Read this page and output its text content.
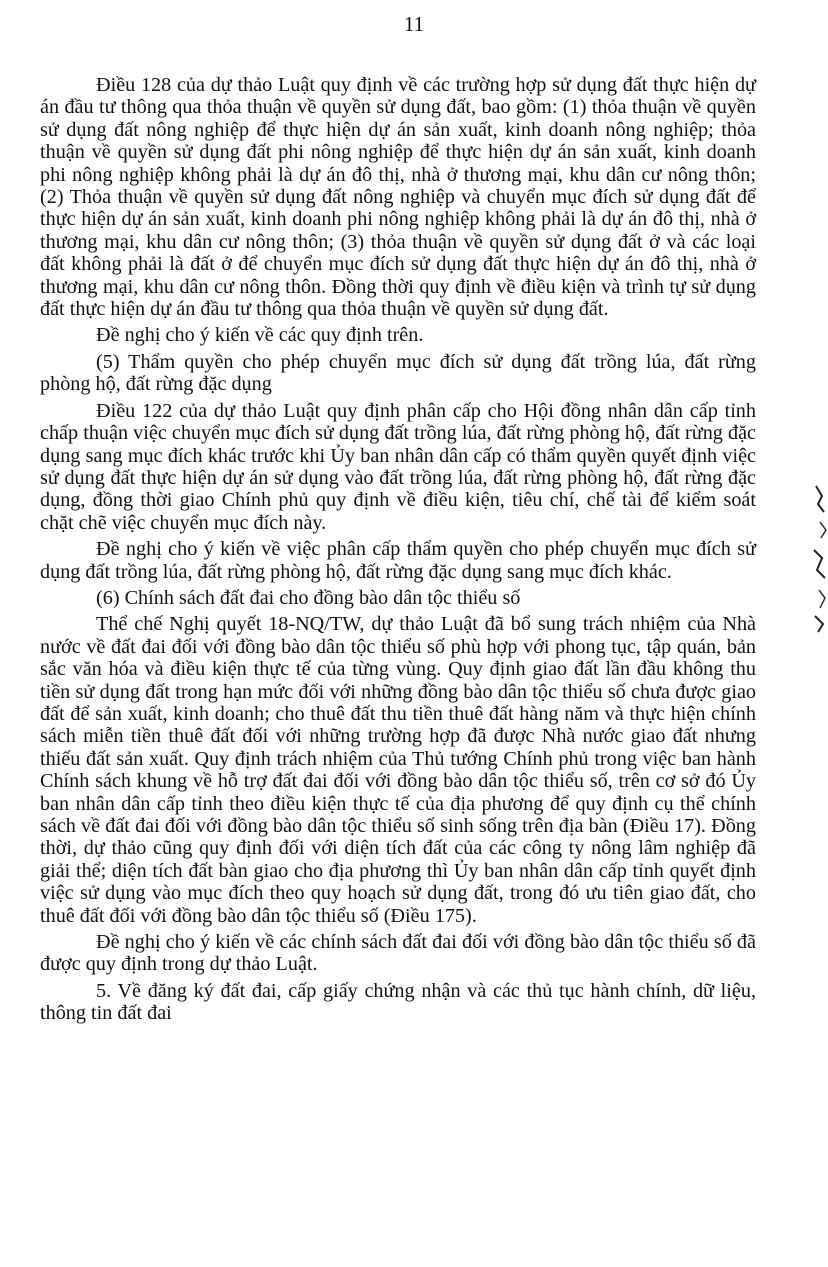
11

Điều 128 của dự thảo Luật quy định về các trường hợp sử dụng đất thực hiện dự án đầu tư thông qua thỏa thuận về quyền sử dụng đất, bao gồm: (1) thỏa thuận về quyền sử dụng đất nông nghiệp để thực hiện dự án sản xuất, kinh doanh nông nghiệp; thỏa thuận về quyền sử dụng đất phi nông nghiệp để thực hiện dự án sản xuất, kinh doanh phi nông nghiệp không phải là dự án đô thị, nhà ở thương mại, khu dân cư nông thôn; (2) Thỏa thuận về quyền sử dụng đất nông nghiệp và chuyển mục đích sử dụng đất để thực hiện dự án sản xuất, kinh doanh phi nông nghiệp không phải là dự án đô thị, nhà ở thương mại, khu dân cư nông thôn; (3) thỏa thuận về quyền sử dụng đất ở và các loại đất không phải là đất ở để chuyển mục đích sử dụng đất thực hiện dự án đô thị, nhà ở thương mại, khu dân cư nông thôn. Đồng thời quy định về điều kiện và trình tự sử dụng đất thực hiện dự án đầu tư thông qua thỏa thuận về quyền sử dụng đất.

Đề nghị cho ý kiến về các quy định trên.

(5) Thẩm quyền cho phép chuyển mục đích sử dụng đất trồng lúa, đất rừng phòng hộ, đất rừng đặc dụng

Điều 122 của dự thảo Luật quy định phân cấp cho Hội đồng nhân dân cấp tỉnh chấp thuận việc chuyển mục đích sử dụng đất trồng lúa, đất rừng phòng hộ, đất rừng đặc dụng sang mục đích khác trước khi Ủy ban nhân dân cấp có thẩm quyền quyết định việc sử dụng đất thực hiện dự án sử dụng vào đất trồng lúa, đất rừng phòng hộ, đất rừng đặc dụng, đồng thời giao Chính phủ quy định về điều kiện, tiêu chí, chế tài để kiểm soát chặt chẽ việc chuyển mục đích này.

Đề nghị cho ý kiến về việc phân cấp thẩm quyền cho phép chuyển mục đích sử dụng đất trồng lúa, đất rừng phòng hộ, đất rừng đặc dụng sang mục đích khác.

(6) Chính sách đất đai cho đồng bào dân tộc thiểu số

Thể chế Nghị quyết 18-NQ/TW, dự thảo Luật đã bổ sung trách nhiệm của Nhà nước về đất đai đối với đồng bào dân tộc thiểu số phù hợp với phong tục, tập quán, bản sắc văn hóa và điều kiện thực tế của từng vùng. Quy định giao đất lần đầu không thu tiền sử dụng đất trong hạn mức đối với những đồng bào dân tộc thiểu số chưa được giao đất để sản xuất, kinh doanh; cho thuê đất thu tiền thuê đất hàng năm và thực hiện chính sách miễn tiền thuê đất đối với những trường hợp đã được Nhà nước giao đất nhưng thiếu đất sản xuất. Quy định trách nhiệm của Thủ tướng Chính phủ trong việc ban hành Chính sách khung về hỗ trợ đất đai đối với đồng bào dân tộc thiểu số, trên cơ sở đó Ủy ban nhân dân cấp tỉnh theo điều kiện thực tế của địa phương để quy định cụ thể chính sách về đất đai đối với đồng bào dân tộc thiểu số sinh sống trên địa bàn (Điều 17). Đồng thời, dự thảo cũng quy định đối với diện tích đất của các công ty nông lâm nghiệp đã giải thể; diện tích đất bàn giao cho địa phương thì Ủy ban nhân dân cấp tỉnh quyết định việc sử dụng vào mục đích theo quy hoạch sử dụng đất, trong đó ưu tiên giao đất, cho thuê đất đối với đồng bào dân tộc thiểu số (Điều 175).

Đề nghị cho ý kiến về các chính sách đất đai đối với đồng bào dân tộc thiểu số đã được quy định trong dự thảo Luật.

5. Về đăng ký đất đai, cấp giấy chứng nhận và các thủ tục hành chính, dữ liệu, thông tin đất đai
